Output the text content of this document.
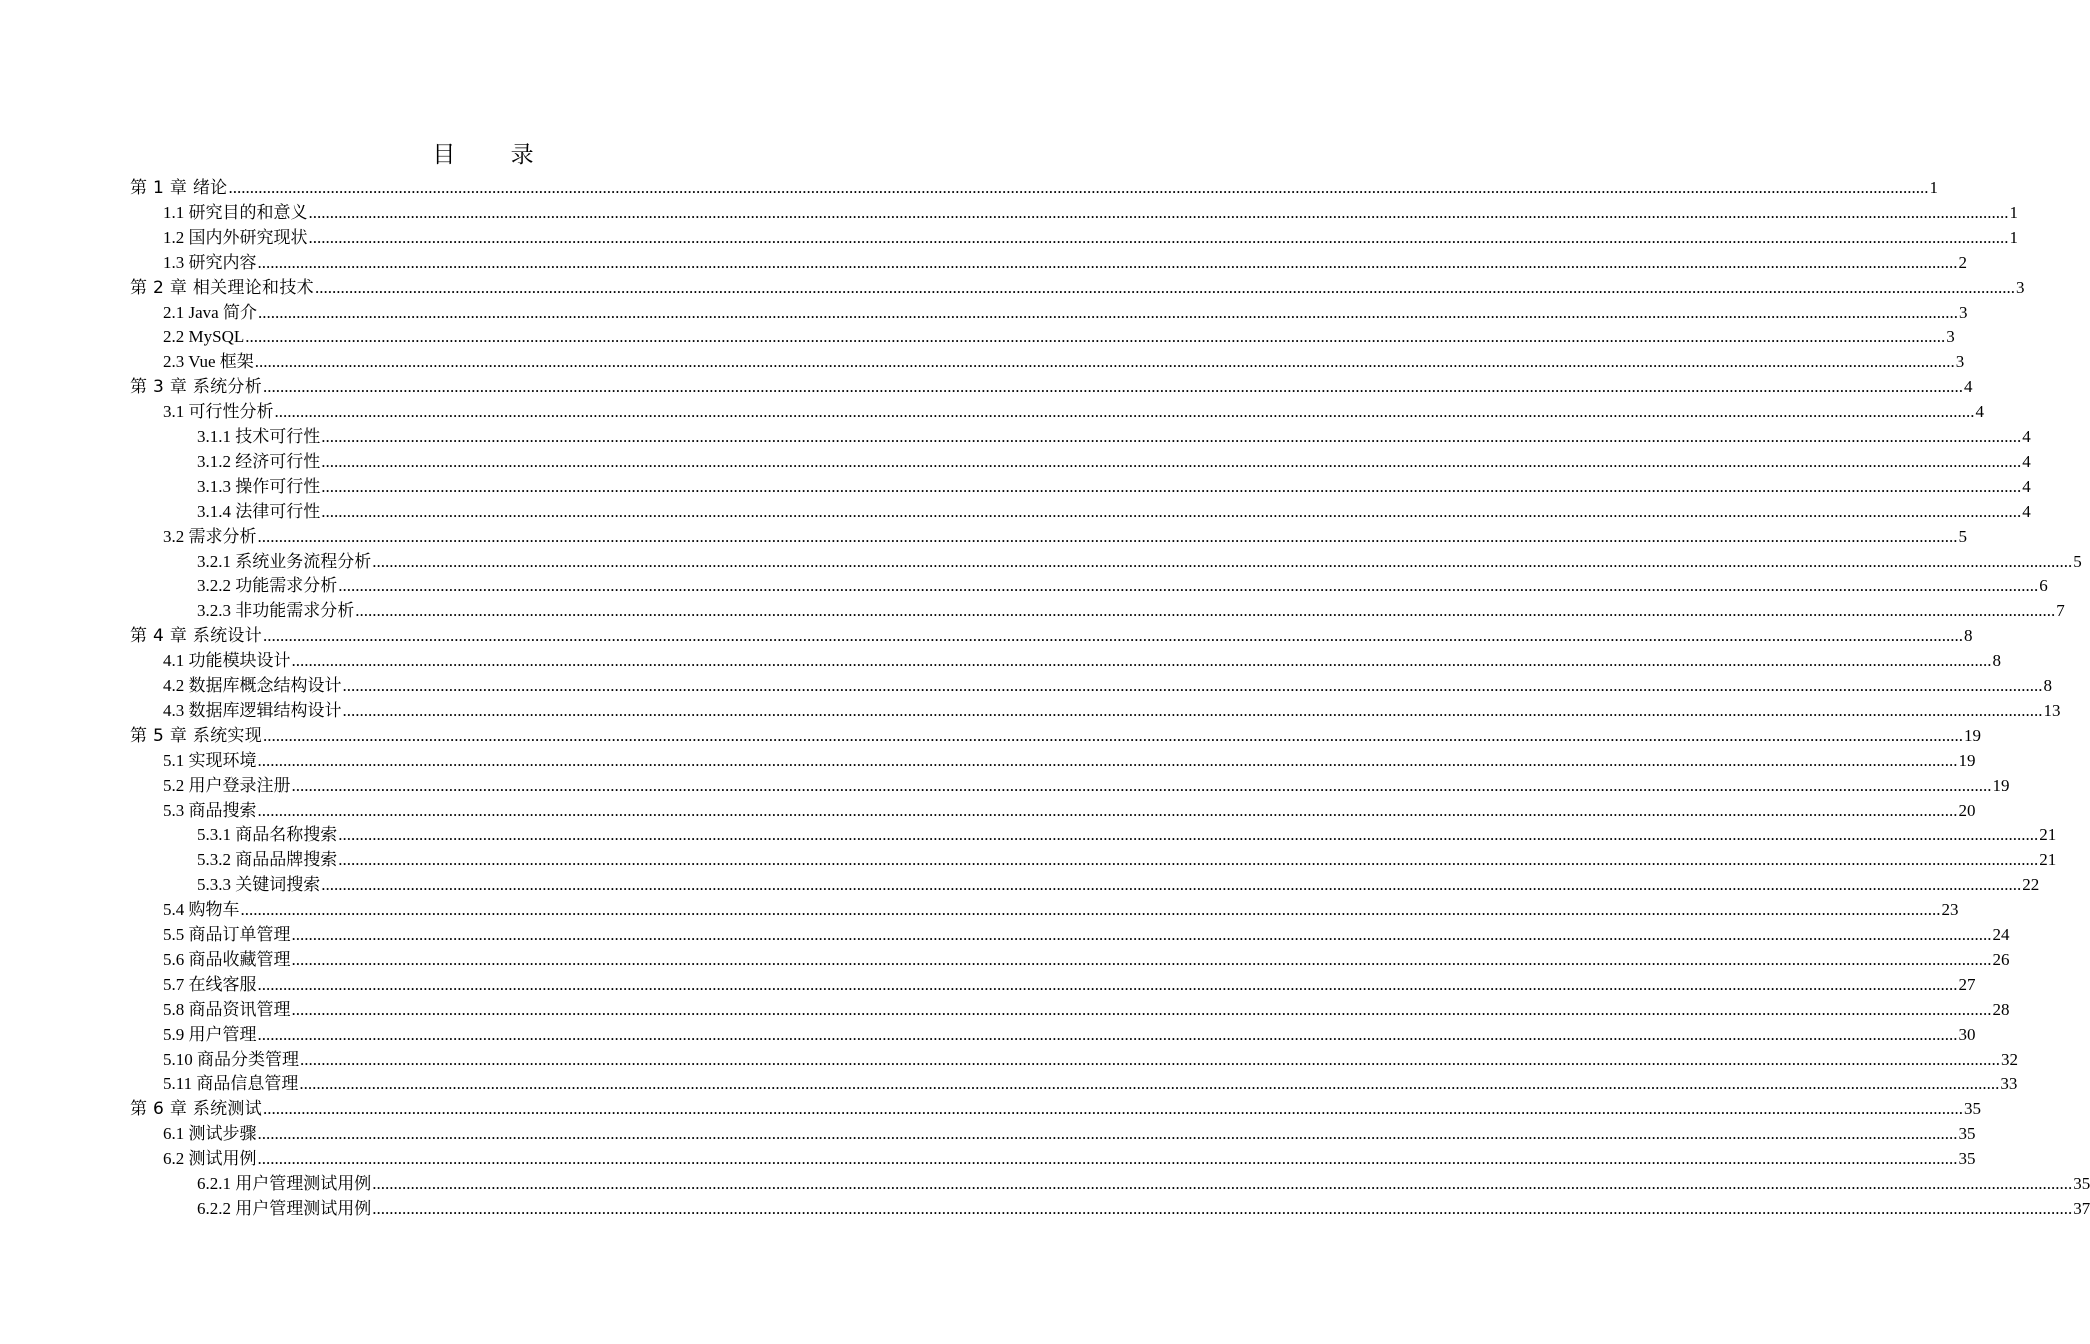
目 录
第 1 章 绪论 ................................................................................................................................................................................................................................................................................................................................................................................................................ 1
1.1 研究目的和意义 ................................................................................................................................................................................................................................................................................................................................................................................................................ 1
1.2 国内外研究现状 ................................................................................................................................................................................................................................................................................................................................................................................................................ 1
1.3 研究内容 ................................................................................................................................................................................................................................................................................................................................................................................................................ 2
第 2 章 相关理论和技术 ................................................................................................................................................................................................................................................................................................................................................................................................................ 3
2.1 Java 简介 ................................................................................................................................................................................................................................................................................................................................................................................................................ 3
2.2 MySQL ................................................................................................................................................................................................................................................................................................................................................................................................................ 3
2.3 Vue 框架 ................................................................................................................................................................................................................................................................................................................................................................................................................ 3
第 3 章 系统分析 ................................................................................................................................................................................................................................................................................................................................................................................................................ 4
3.1 可行性分析 ................................................................................................................................................................................................................................................................................................................................................................................................................ 4
3.1.1 技术可行性 ................................................................................................................................................................................................................................................................................................................................................................................................................ 4
3.1.2 经济可行性 ................................................................................................................................................................................................................................................................................................................................................................................................................ 4
3.1.3 操作可行性 ................................................................................................................................................................................................................................................................................................................................................................................................................ 4
3.1.4 法律可行性 ................................................................................................................................................................................................................................................................................................................................................................................................................ 4
3.2 需求分析 ................................................................................................................................................................................................................................................................................................................................................................................................................ 5
3.2.1 系统业务流程分析 ................................................................................................................................................................................................................................................................................................................................................................................................................ 5
3.2.2 功能需求分析 ................................................................................................................................................................................................................................................................................................................................................................................................................ 6
3.2.3 非功能需求分析 ................................................................................................................................................................................................................................................................................................................................................................................................................ 7
第 4 章 系统设计 ................................................................................................................................................................................................................................................................................................................................................................................................................ 8
4.1 功能模块设计 ................................................................................................................................................................................................................................................................................................................................................................................................................ 8
4.2 数据库概念结构设计 ................................................................................................................................................................................................................................................................................................................................................................................................................ 8
4.3 数据库逻辑结构设计 ................................................................................................................................................................................................................................................................................................................................................................................................................ 13
第 5 章 系统实现 ................................................................................................................................................................................................................................................................................................................................................................................................................ 19
5.1 实现环境 ................................................................................................................................................................................................................................................................................................................................................................................................................ 19
5.2 用户登录注册 ................................................................................................................................................................................................................................................................................................................................................................................................................ 19
5.3 商品搜索 ................................................................................................................................................................................................................................................................................................................................................................................................................ 20
5.3.1 商品名称搜索 ................................................................................................................................................................................................................................................................................................................................................................................................................ 21
5.3.2 商品品牌搜索 ................................................................................................................................................................................................................................................................................................................................................................................................................ 21
5.3.3 关键词搜索 ................................................................................................................................................................................................................................................................................................................................................................................................................ 22
5.4 购物车 ................................................................................................................................................................................................................................................................................................................................................................................................................ 23
5.5 商品订单管理 ................................................................................................................................................................................................................................................................................................................................................................................................................ 24
5.6 商品收藏管理 ................................................................................................................................................................................................................................................................................................................................................................................................................ 26
5.7 在线客服 ................................................................................................................................................................................................................................................................................................................................................................................................................ 27
5.8 商品资讯管理 ................................................................................................................................................................................................................................................................................................................................................................................................................ 28
5.9 用户管理 ................................................................................................................................................................................................................................................................................................................................................................................................................ 30
5.10 商品分类管理 ................................................................................................................................................................................................................................................................................................................................................................................................................ 32
5.11 商品信息管理 ................................................................................................................................................................................................................................................................................................................................................................................................................ 33
第 6 章 系统测试 ................................................................................................................................................................................................................................................................................................................................................................................................................ 35
6.1 测试步骤 ................................................................................................................................................................................................................................................................................................................................................................................................................ 35
6.2 测试用例 ................................................................................................................................................................................................................................................................................................................................................................................................................ 35
6.2.1 用户管理测试用例 ................................................................................................................................................................................................................................................................................................................................................................................................................ 35
6.2.2 用户管理测试用例 ................................................................................................................................................................................................................................................................................................................................................................................................................ 37
